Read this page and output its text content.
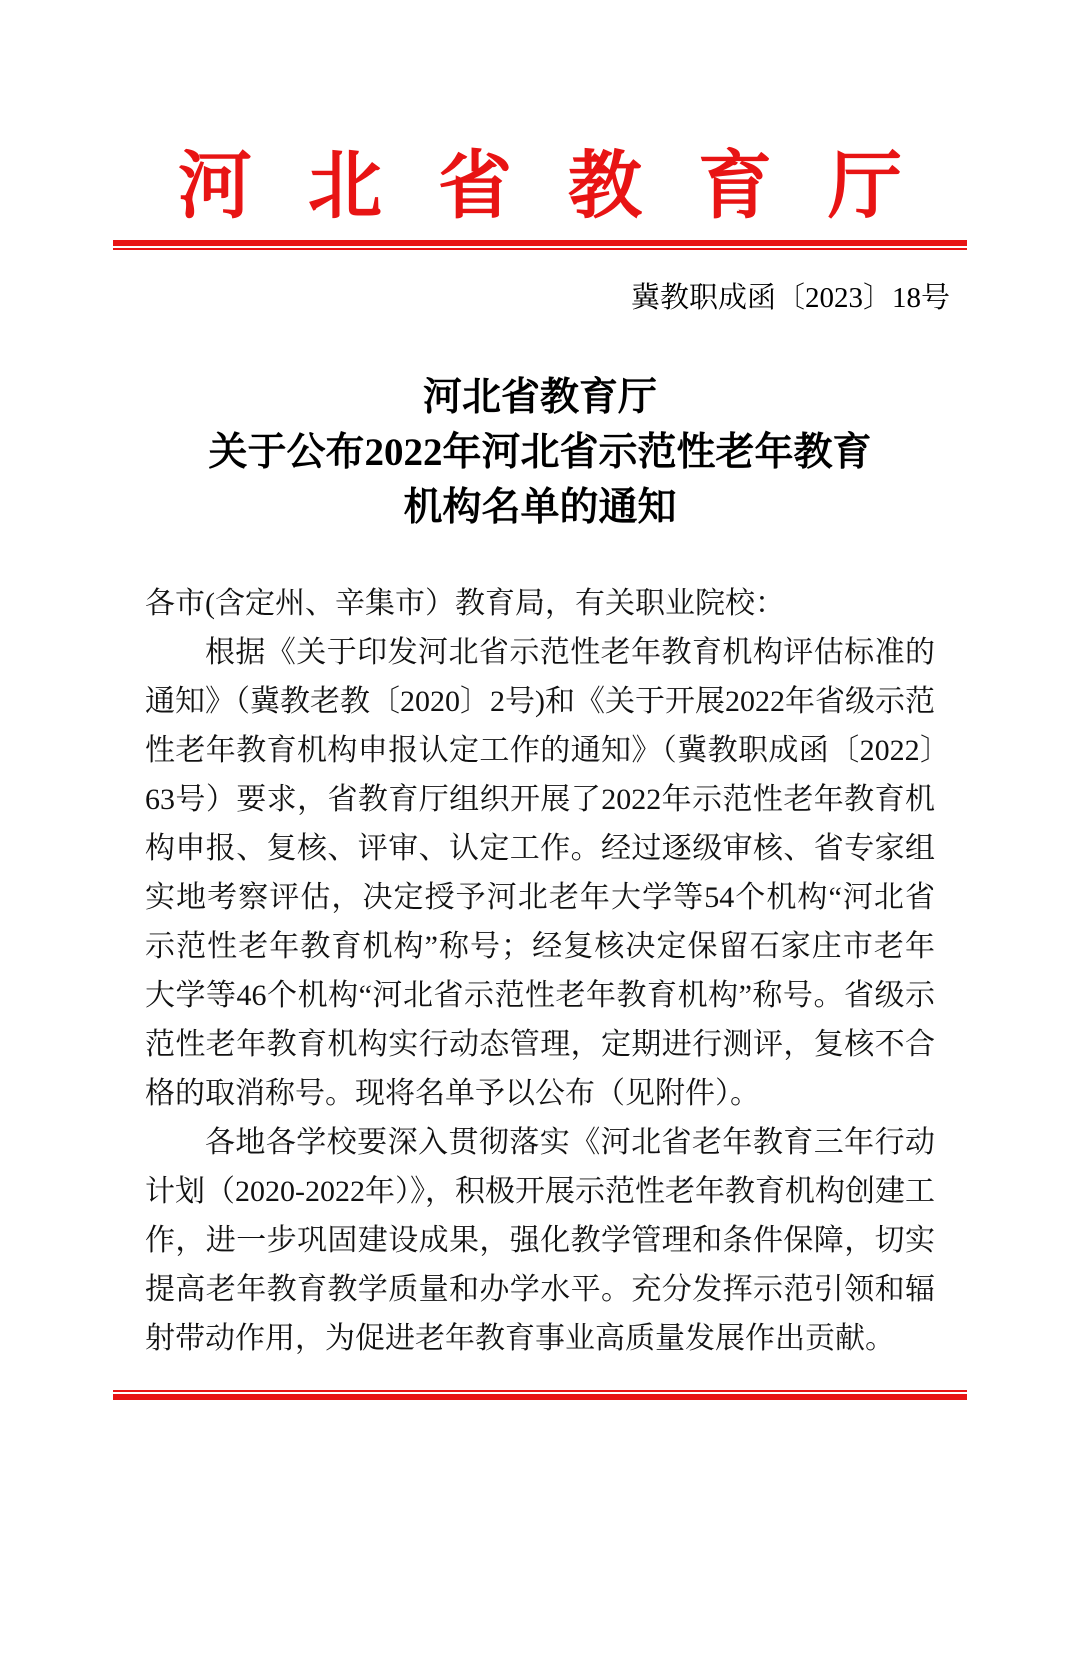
河北省教育厅
冀教职成函〔2023〕18号
河北省教育厅
关于公布2022年河北省示范性老年教育
机构名单的通知

各市(含定州、辛集市）教育局，有关职业院校：

根据《关于印发河北省示范性老年教育机构评估标准的通知》（冀教老教〔2020〕2号)和《关于开展2022年省级示范性老年教育机构申报认定工作的通知》（冀教职成函〔2022〕63号）要求，省教育厅组织开展了2022年示范性老年教育机构申报、复核、评审、认定工作。经过逐级审核、省专家组实地考察评估，决定授予河北老年大学等54个机构“河北省示范性老年教育机构”称号；经复核决定保留石家庄市老年大学等46个机构“河北省示范性老年教育机构”称号。省级示范性老年教育机构实行动态管理，定期进行测评，复核不合格的取消称号。现将名单予以公布（见附件）。

各地各学校要深入贯彻落实《河北省老年教育三年行动计划（2020-2022年）》，积极开展示范性老年教育机构创建工作，进一步巩固建设成果，强化教学管理和条件保障，切实提高老年教育教学质量和办学水平。充分发挥示范引领和辐射带动作用，为促进老年教育事业高质量发展作出贡献。
